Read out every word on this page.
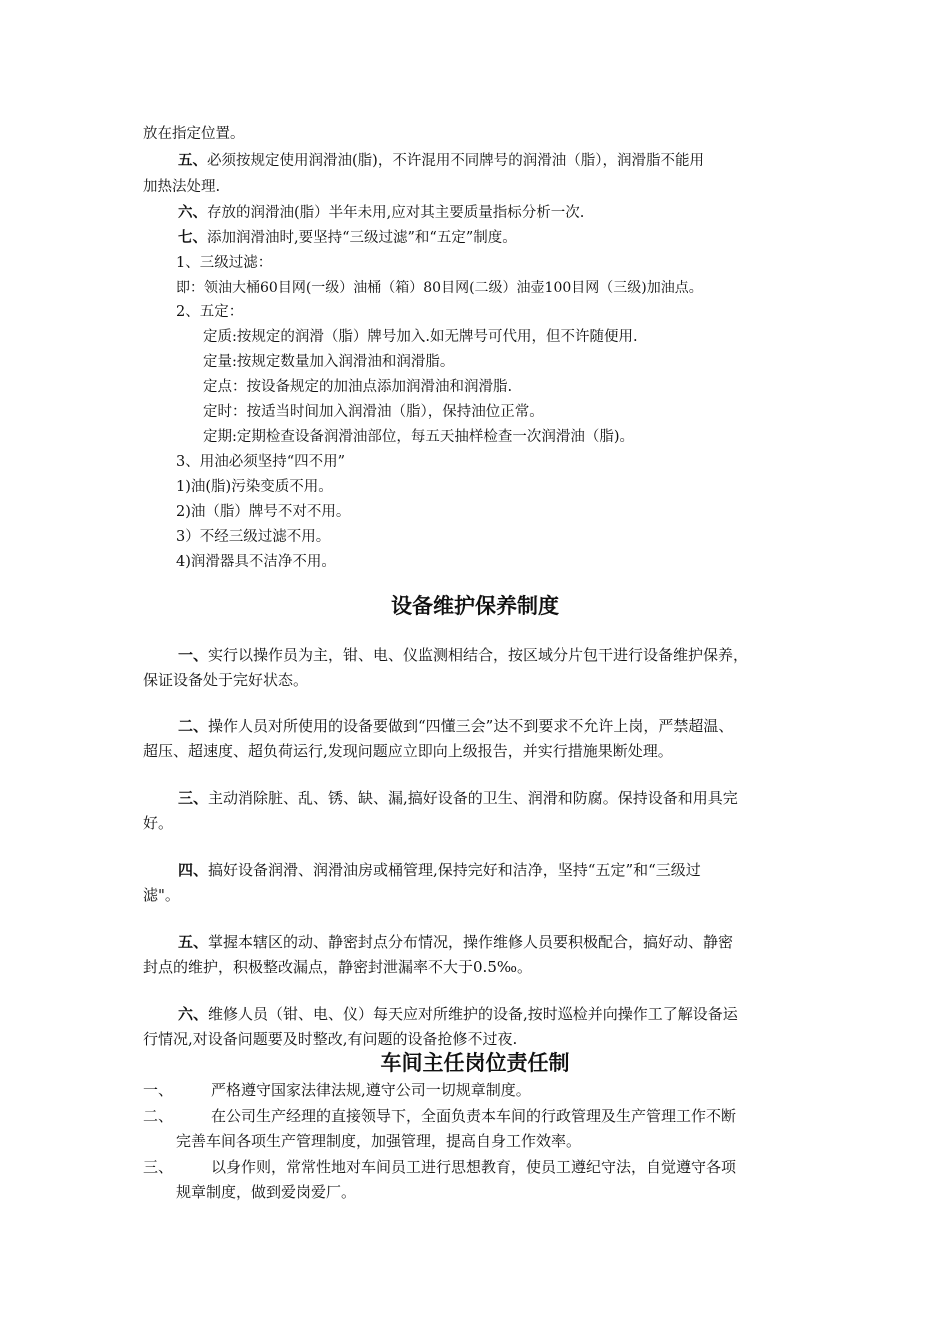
放在指定位置。
五、必须按规定使用润滑油(脂)，不许混用不同牌号的润滑油（脂），润滑脂不能用
加热法处理.
六、存放的润滑油(脂）半年未用,应对其主要质量指标分析一次.
七、添加润滑油时,要坚持“三级过滤”和“五定”制度。
1、三级过滤：
即：领油大桶60目网(一级）油桶（箱）80目网(二级）油壶100目网（三级)加油点。
2、五定：
定质:按规定的润滑（脂）牌号加入.如无牌号可代用，但不许随便用.
定量:按规定数量加入润滑油和润滑脂。
定点：按设备规定的加油点添加润滑油和润滑脂.
定时：按适当时间加入润滑油（脂），保持油位正常。
定期:定期检查设备润滑油部位，每五天抽样检查一次润滑油（脂)。
3、用油必须坚持“四不用”
1)油(脂)污染变质不用。
2)油（脂）牌号不对不用。
3）不经三级过滤不用。
4)润滑器具不洁净不用。
设备维护保养制度
一、实行以操作员为主，钳、电、仪监测相结合，按区域分片包干进行设备维护保养，
保证设备处于完好状态。
二、操作人员对所使用的设备要做到“四懂三会”达不到要求不允许上岗，严禁超温、
超压、超速度、超负荷运行,发现问题应立即向上级报告，并实行措施果断处理。
三、主动消除脏、乱、锈、缺、漏,搞好设备的卫生、润滑和防腐。保持设备和用具完
好。
四、搞好设备润滑、润滑油房或桶管理,保持完好和洁净，坚持“五定”和“三级过
滤"。
五、掌握本辖区的动、静密封点分布情况，操作维修人员要积极配合，搞好动、静密
封点的维护，积极整改漏点，静密封泄漏率不大于0.5‰。
六、维修人员（钳、电、仪）每天应对所维护的设备,按时巡检并向操作工了解设备运
行情况,对设备问题要及时整改,有问题的设备抢修不过夜.
车间主任岗位责任制
一、	严格遵守国家法律法规,遵守公司一切规章制度。
二、	在公司生产经理的直接领导下，全面负责本车间的行政管理及生产管理工作不断
完善车间各项生产管理制度，加强管理，提高自身工作效率。
三、	以身作则，常常性地对车间员工进行思想教育，使员工遵纪守法，自觉遵守各项
规章制度，做到爱岗爱厂。
